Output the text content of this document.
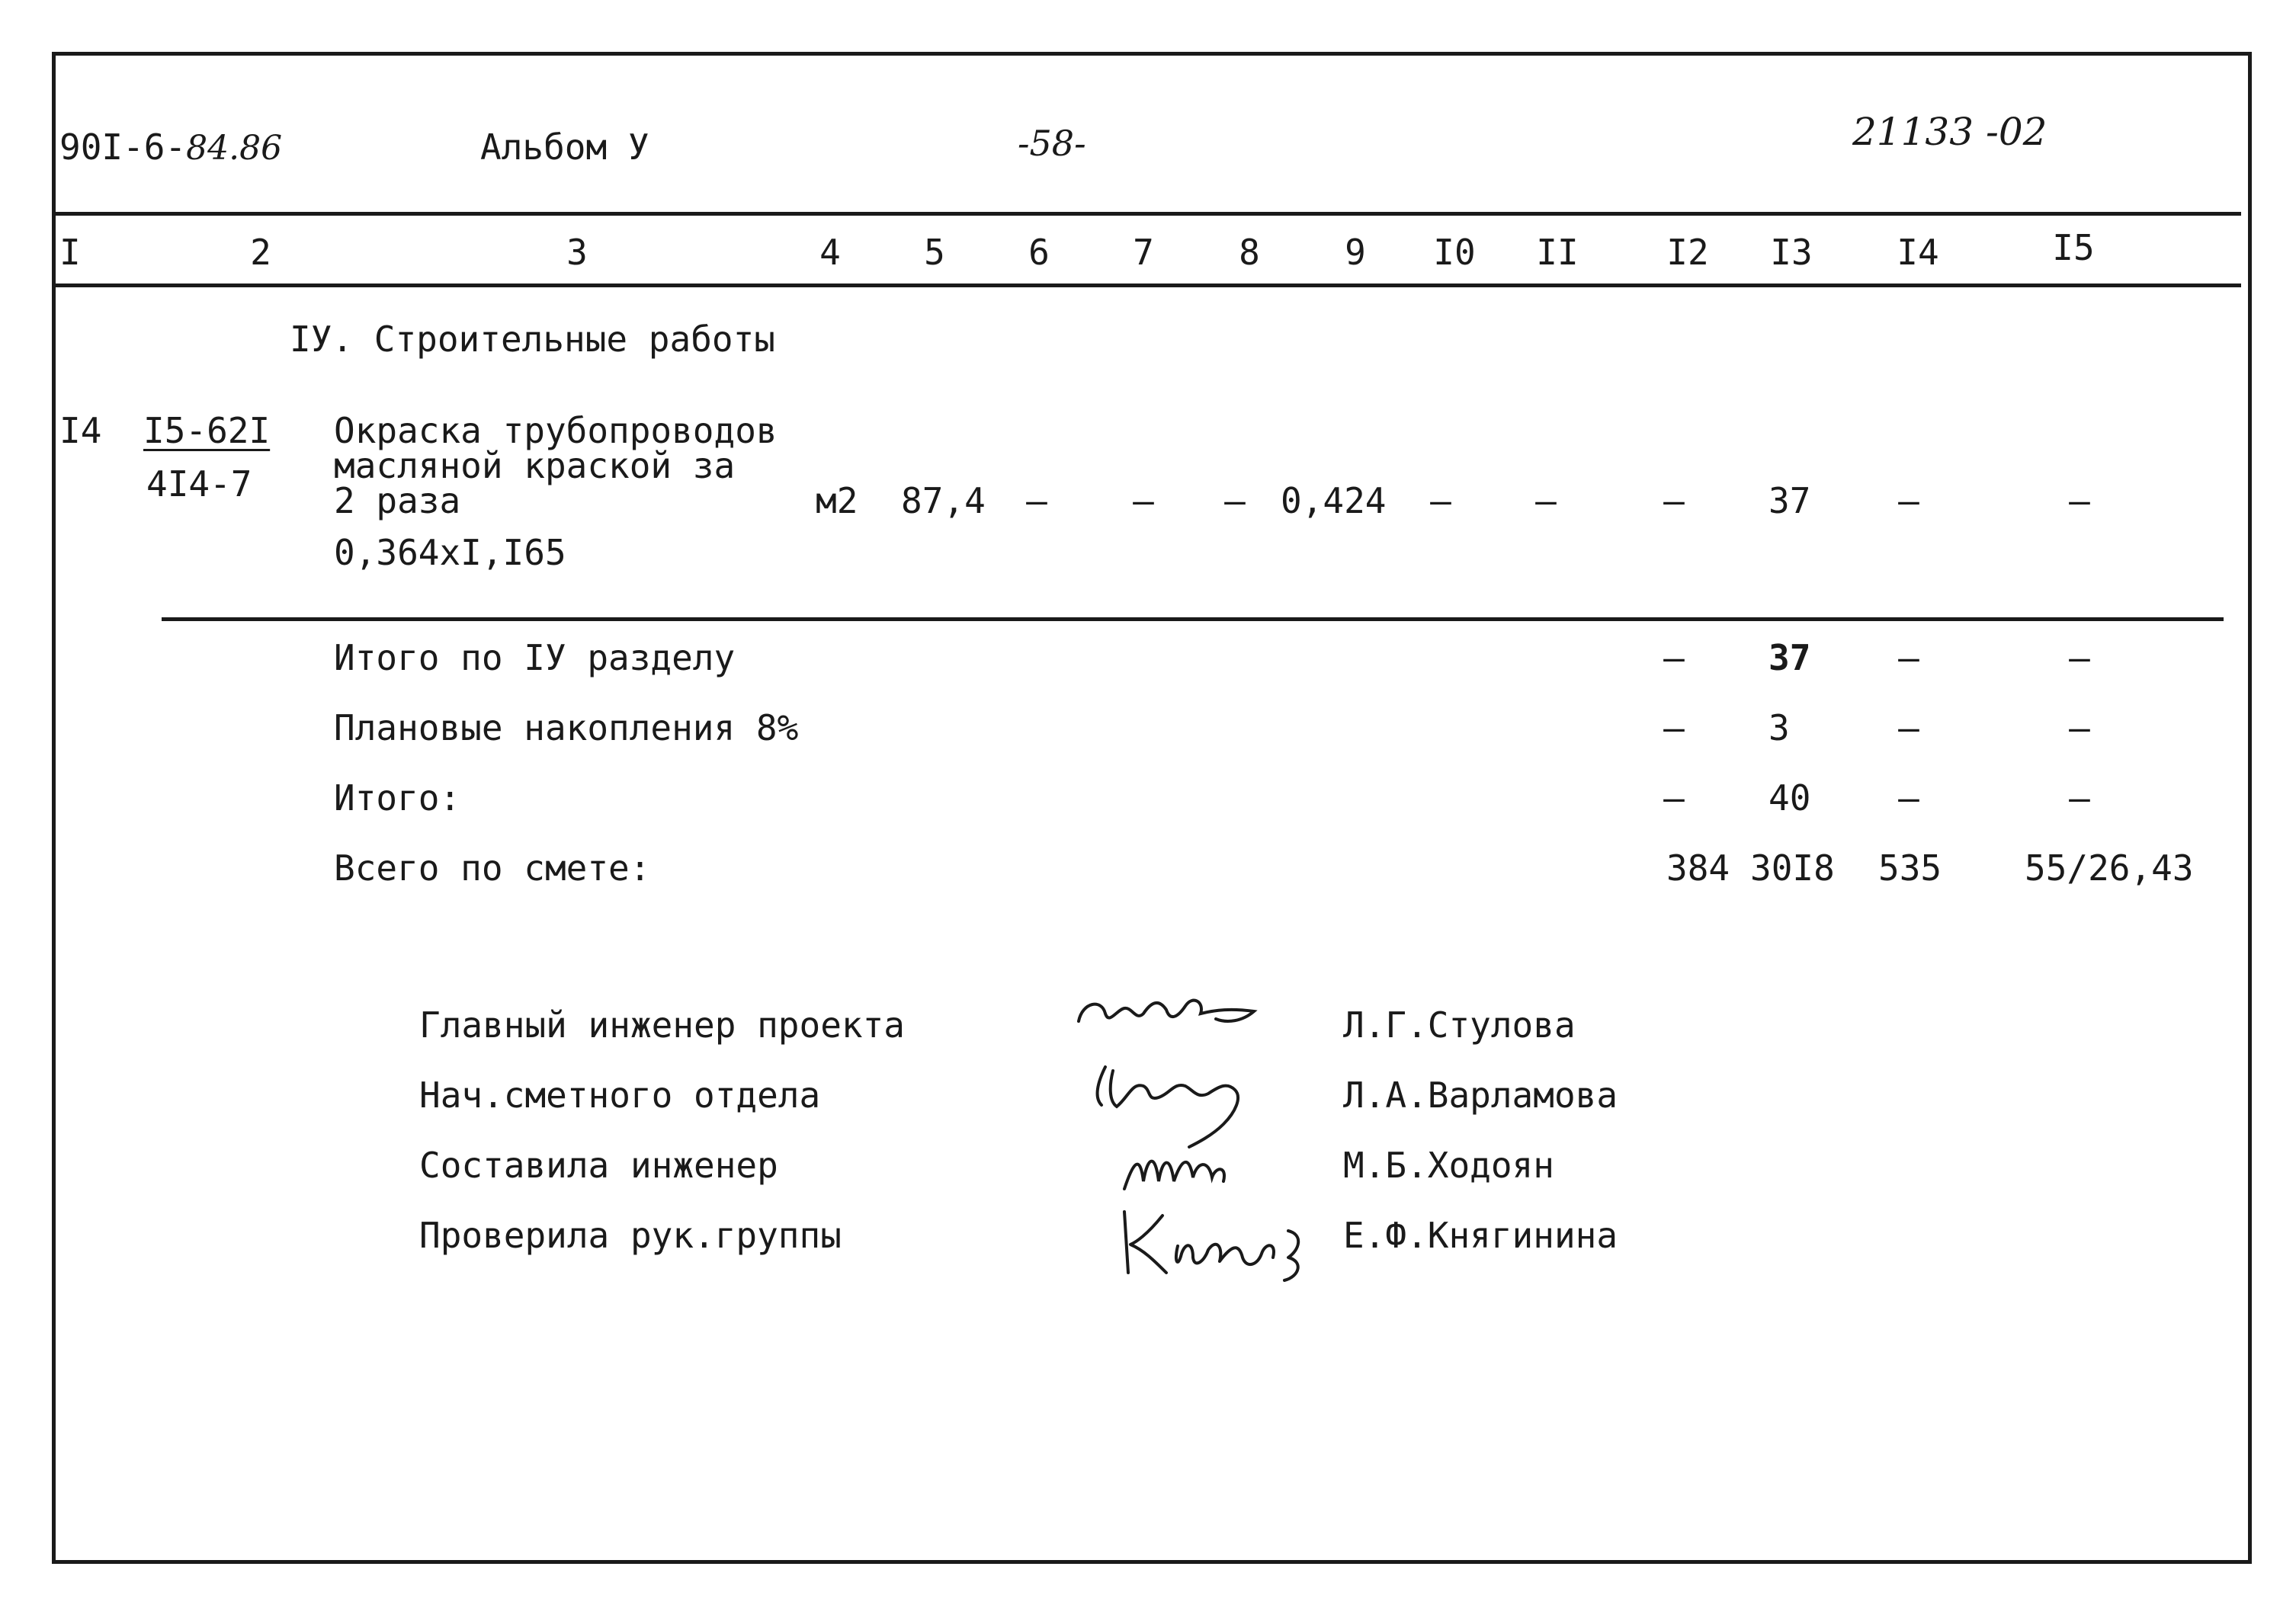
90I-6-84.86	Альбом У	-58-	21133 -02
I	2	3	4	5	6	7	8	9	I0 II	I2 I3 I4	I5
IУ. Строительные работы
I4 I5-62I
4I4-7
Окраска трубопроводов
масляной краской за
2 раза
0,364хI,I65
м2 87,4	–	–	–	0,424	–	–	–	37	–	–
Итого по IУ разделу	–	37	–	–
Плановые накопления 8%	–	3	–	–
Итого:	–	40	–	–
Всего по смете:	384 30I8 535 55/26,43
Главный инженер проекта	Л.Г.Стулова
Нач.сметного отдела	Л.А.Варламова
Составила инженер	М.Б.Ходоян
Проверила рук.группы	Е.Ф.Княгинина
